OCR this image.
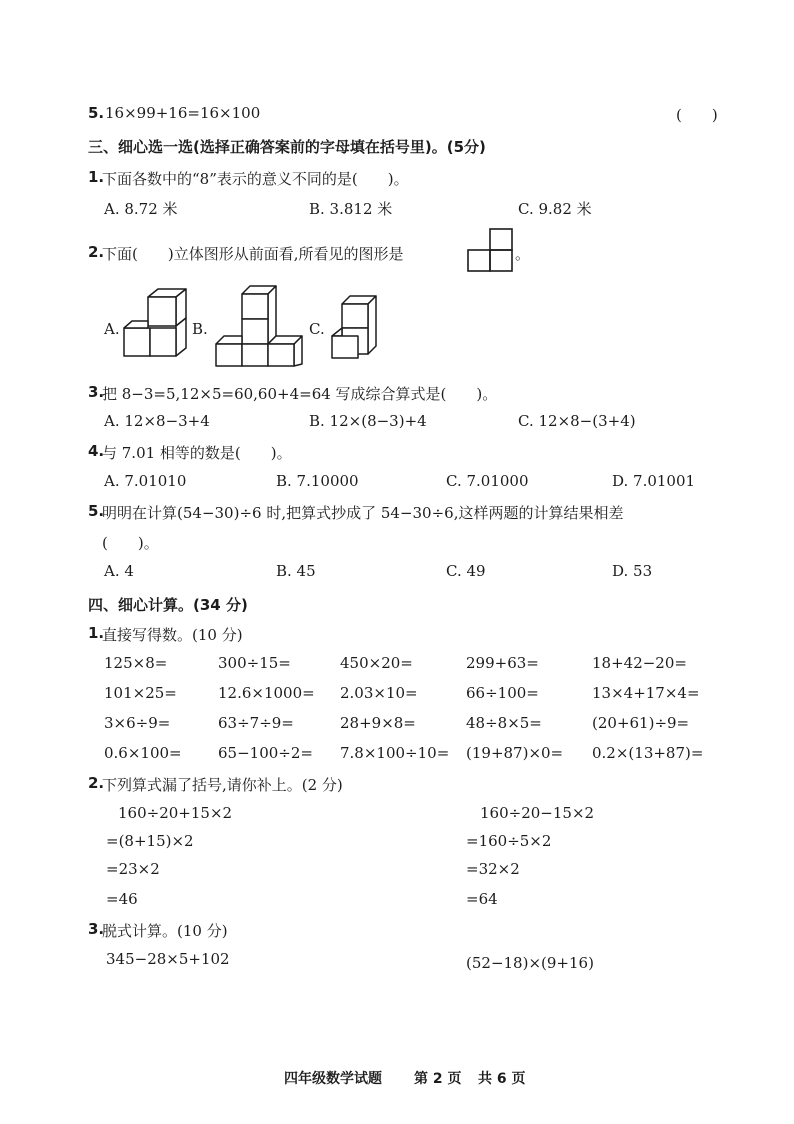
5. 16×99+16=16×100	(　　)
三、细心选一选(选择正确答案前的字母填在括号里)。(5分)
1.
下面各数中的“8”表示的意义不同的是(　　)。
A. 8.72 米	B. 3.812 米	C. 9.82 米
2.
下面(　　)立体图形从前面看,所看见的图形是	。
A.	B.	C.
3.
把 8−3=5,12×5=60,60+4=64 写成综合算式是(　　)。
A. 12×8−3+4	B. 12×(8−3)+4	C. 12×8−(3+4)
4.
与 7.01 相等的数是(　　)。
A. 7.01010	B. 7.10000	C. 7.01000	D. 7.01001
5.
明明在计算(54−30)÷6 时,把算式抄成了 54−30÷6,这样两题的计算结果相差
(　　)。
A. 4	B. 45	C. 49	D. 53
四、细心计算。(34 分)
1.
直接写得数。(10 分)
125×8=	300÷15=	450×20=	299+63=	18+42−20=
101×25=	12.6×1000= 2.03×10=	66÷100=	13×4+17×4=
3×6÷9=	63÷7÷9=	28+9×8=	48÷8×5=	(20+61)÷9=
0.6×100= 65−100÷2= 7.8×100÷10= (19+87)×0= 0.2×(13+87)=
2.
下列算式漏了括号,请你补上。(2 分)
160÷20+15×2
=(8+15)×2
=23×2
=46
160÷20−15×2
=160÷5×2
=32×2
=64
3.
脱式计算。(10 分)
345−28×5+102	(52−18)×(9+16)
四年级数学试题 第 2 页 共 6 页
